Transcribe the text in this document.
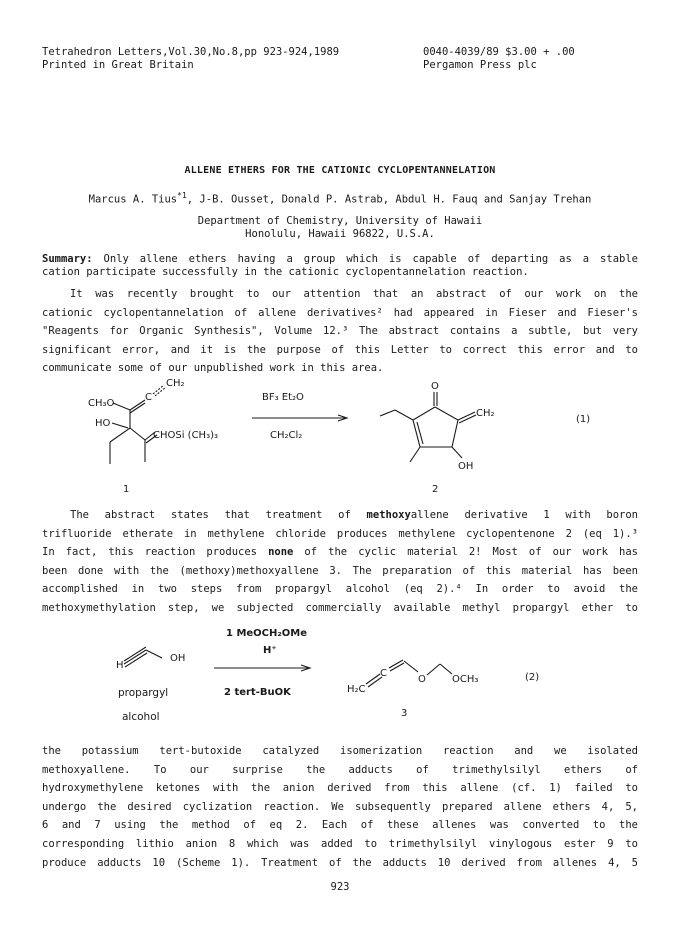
Tetrahedron Letters,Vol.30,No.8,pp 923-924,1989
Printed in Great Britain
0040-4039/89 $3.00 + .00
Pergamon Press plc
ALLENE ETHERS FOR THE CATIONIC CYCLOPENTANNELATION
Marcus A. Tius$^{*1}$, J-B. Ousset, Donald P. Astrab, Abdul H. Fauq and Sanjay Trehan
Department of Chemistry, University of Hawaii
Honolulu, Hawaii 96822, U.S.A.
Summary: Only allene ethers having a group which is capable of departing as a stable
cation participate successfully in the cationic cyclopentannelation reaction.
It was recently brought to our attention that an abstract of our work on the
cationic cyclopentannelation of allene derivatives² had appeared in Fieser and Fieser's
"Reagents for Organic Synthesis", Volume 12.³ The abstract contains a subtle, but very
significant error, and it is the purpose of this Letter to correct this error and to
communicate some of our unpublished work in this area.
CH₃O
C
CH₂
HO
CHOSi (CH₃)₃
1
BF₃ Et₂O
CH₂Cl₂
O
CH₂
OH
2
(1)
The abstract states that treatment of methoxyallene derivative 1 with boron
trifluoride etherate in methylene chloride produces methylene cyclopentenone 2 (eq 1).³
In fact, this reaction produces none of the cyclic material 2! Most of our work has
been done with the (methoxy)methoxyallene 3. The preparation of this material has been
accomplished in two steps from propargyl alcohol (eq 2).⁴ In order to avoid the
methoxymethylation step, we subjected commercially available methyl propargyl ether to
H
OH
propargyl
alcohol
1 MeOCH₂OMe
H⁺
2 tert-BuOK	H₂C
C
O	OCH₃
3
(2)
the potassium tert-butoxide catalyzed isomerization reaction and we isolated
methoxyallene. To our surprise the adducts of trimethylsilyl ethers of
hydroxymethylene ketones with the anion derived from this allene (cf. 1) failed to
undergo the desired cyclization reaction. We subsequently prepared allene ethers 4, 5,
6 and 7 using the method of eq 2. Each of these allenes was converted to the
corresponding lithio anion 8 which was added to trimethylsilyl vinylogous ester 9 to
produce adducts 10 (Scheme 1). Treatment of the adducts 10 derived from allenes 4, 5
923
